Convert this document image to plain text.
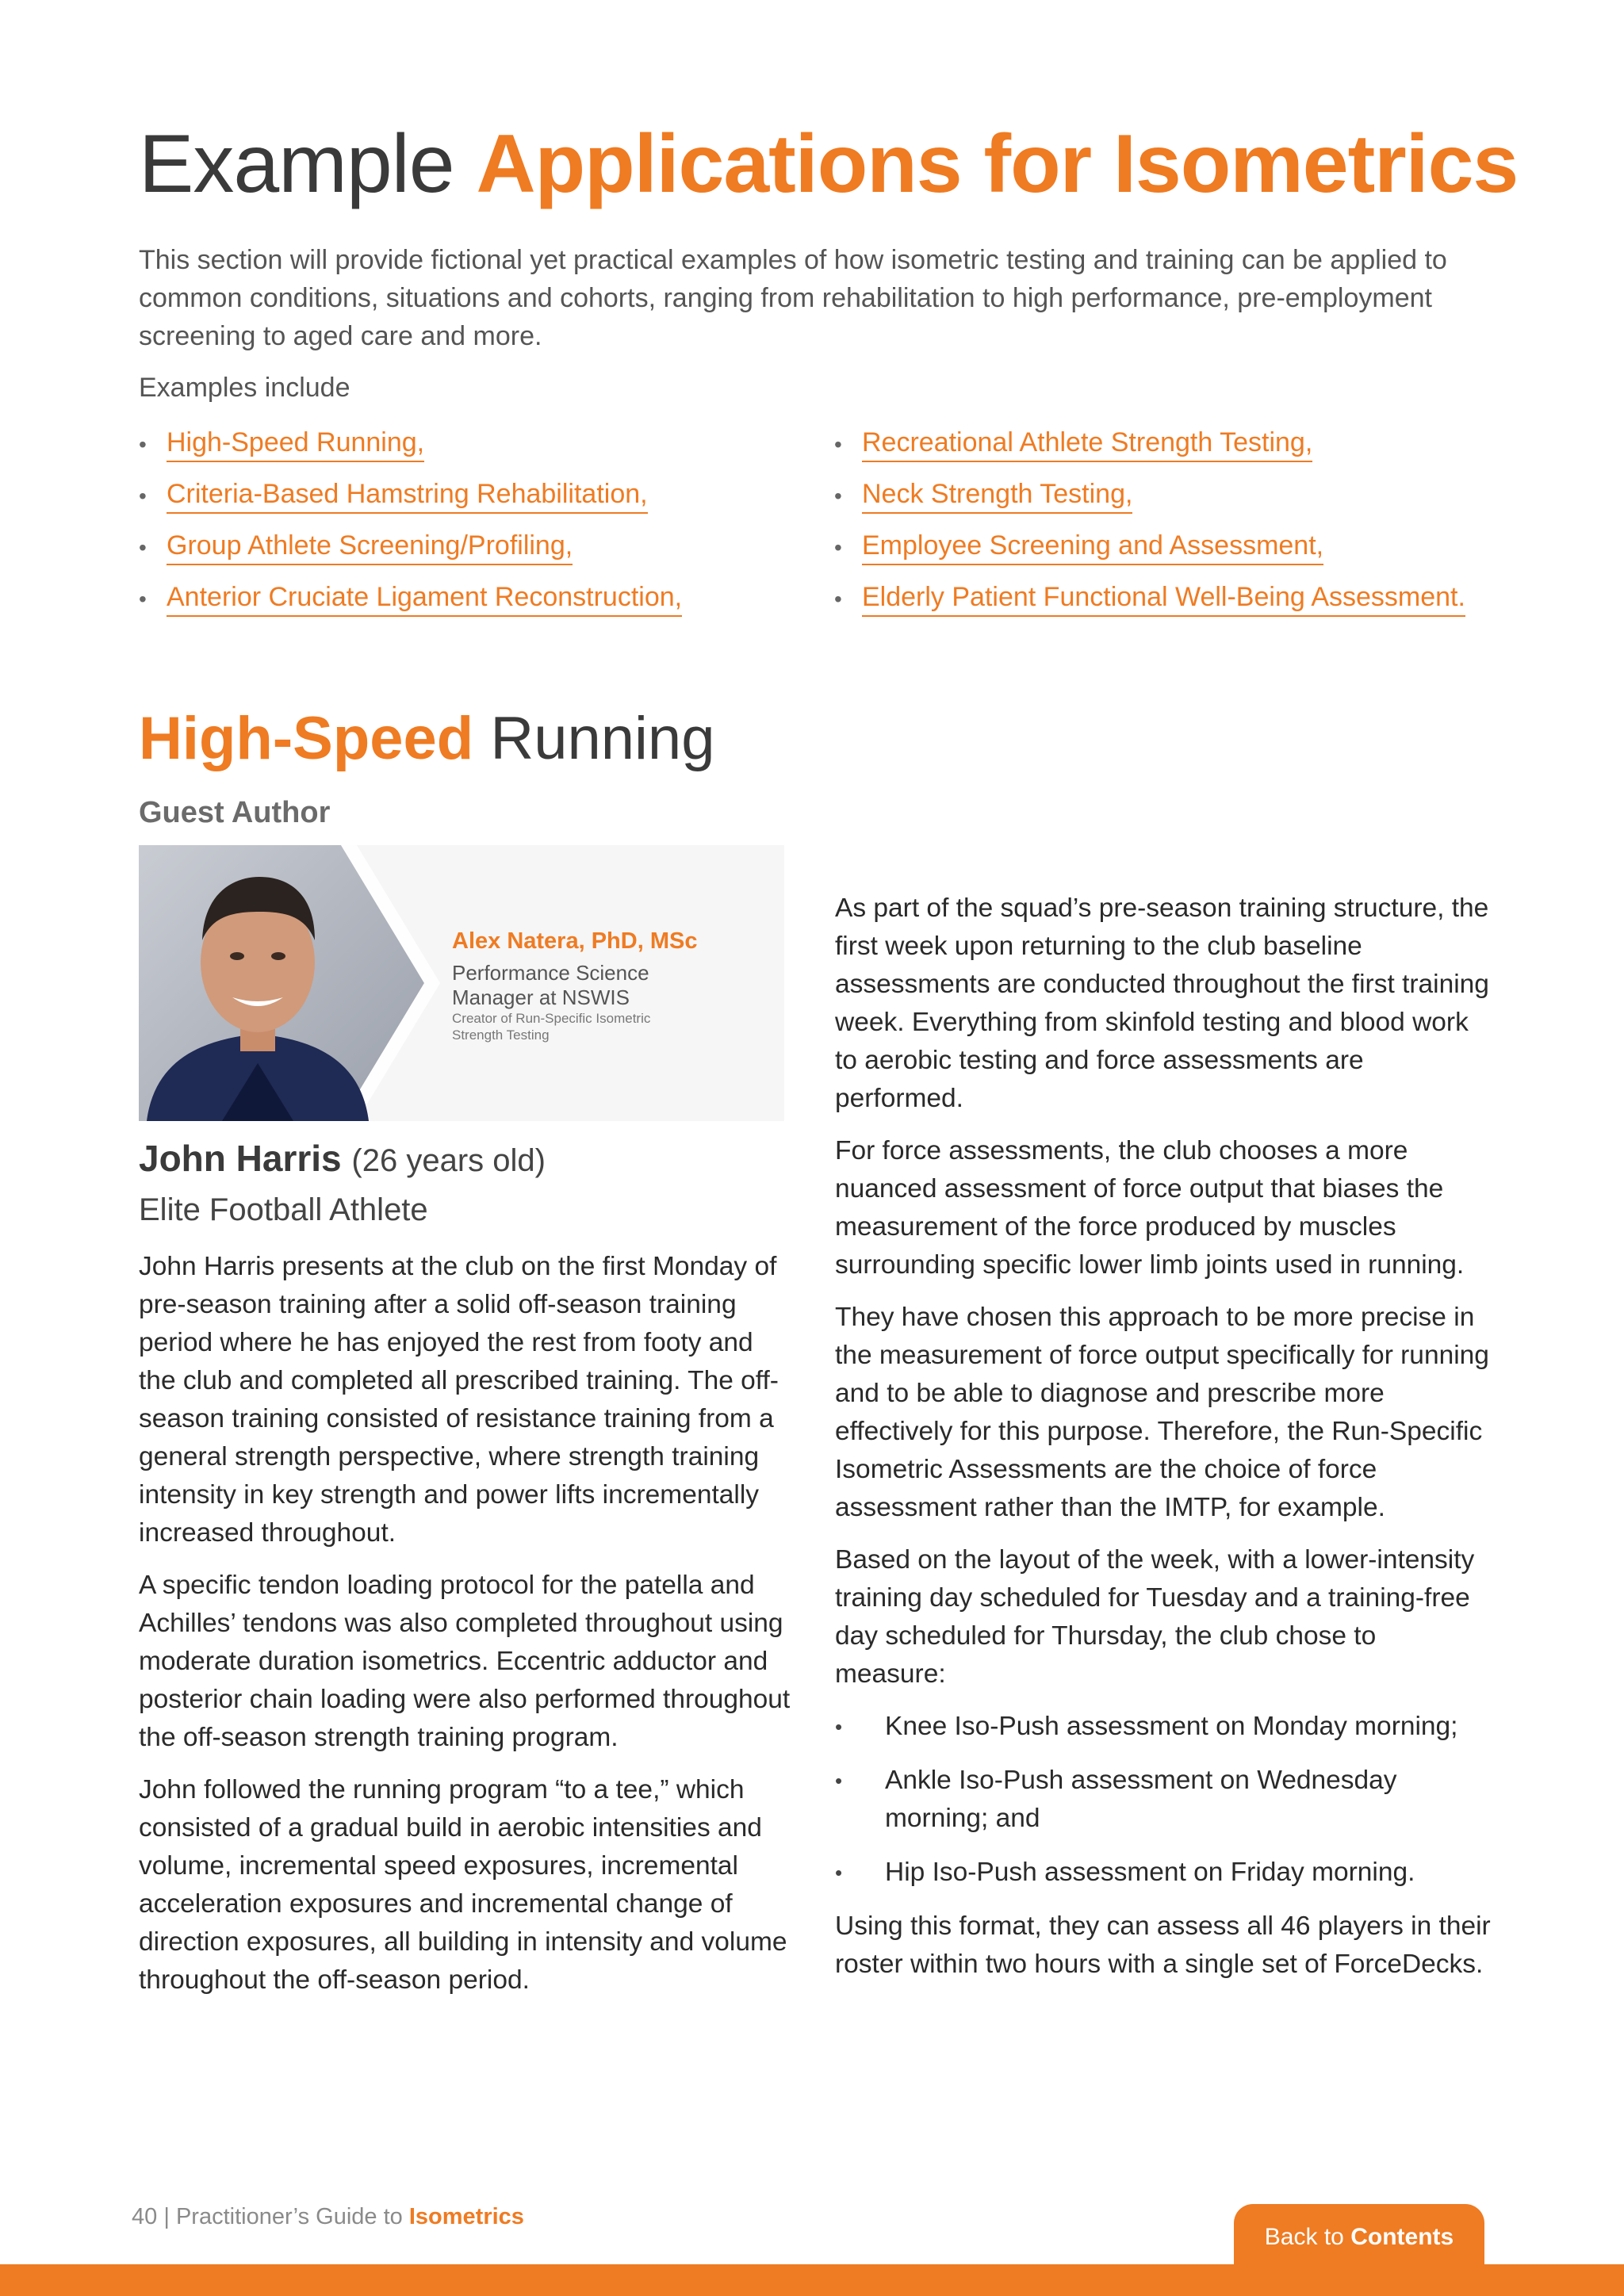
Example Applications for Isometrics
This section will provide fictional yet practical examples of how isometric testing and training can be applied to common conditions, situations and cohorts, ranging from rehabilitation to high performance, pre-employment screening to aged care and more.
Examples include
• High-Speed Running,
• Criteria-Based Hamstring Rehabilitation,
• Group Athlete Screening/Profiling,
• Anterior Cruciate Ligament Reconstruction,
• Recreational Athlete Strength Testing,
• Neck Strength Testing,
• Employee Screening and Assessment,
• Elderly Patient Functional Well-Being Assessment.
High-Speed Running
Guest Author
Alex Natera, PhD, MSc
Performance Science Manager at NSWIS
Creator of Run-Specific Isometric Strength Testing
John Harris (26 years old)
Elite Football Athlete

John Harris presents at the club on the first Monday of pre-season training after a solid off-season training period where he has enjoyed the rest from footy and the club and completed all prescribed training. The off-season training consisted of resistance training from a general strength perspective, where strength training intensity in key strength and power lifts incrementally increased throughout.

A specific tendon loading protocol for the patella and Achilles’ tendons was also completed throughout using moderate duration isometrics. Eccentric adductor and posterior chain loading were also performed throughout the off-season strength training program.

John followed the running program “to a tee,” which consisted of a gradual build in aerobic intensities and volume, incremental speed exposures, incremental acceleration exposures and incremental change of direction exposures, all building in intensity and volume throughout the off-season period.

As part of the squad’s pre-season training structure, the first week upon returning to the club baseline assessments are conducted throughout the first training week. Everything from skinfold testing and blood work to aerobic testing and force assessments are performed.

For force assessments, the club chooses a more nuanced assessment of force output that biases the measurement of the force produced by muscles surrounding specific lower limb joints used in running.

They have chosen this approach to be more precise in the measurement of force output specifically for running and to be able to diagnose and prescribe more effectively for this purpose. Therefore, the Run-Specific Isometric Assessments are the choice of force assessment rather than the IMTP, for example.

Based on the layout of the week, with a lower-intensity training day scheduled for Tuesday and a training-free day scheduled for Thursday, the club chose to measure:

• Knee Iso-Push assessment on Monday morning;
• Ankle Iso-Push assessment on Wednesday morning; and
• Hip Iso-Push assessment on Friday morning.

Using this format, they can assess all 46 players in their roster within two hours with a single set of ForceDecks.

40 | Practitioner’s Guide to Isometrics
Back to Contents
